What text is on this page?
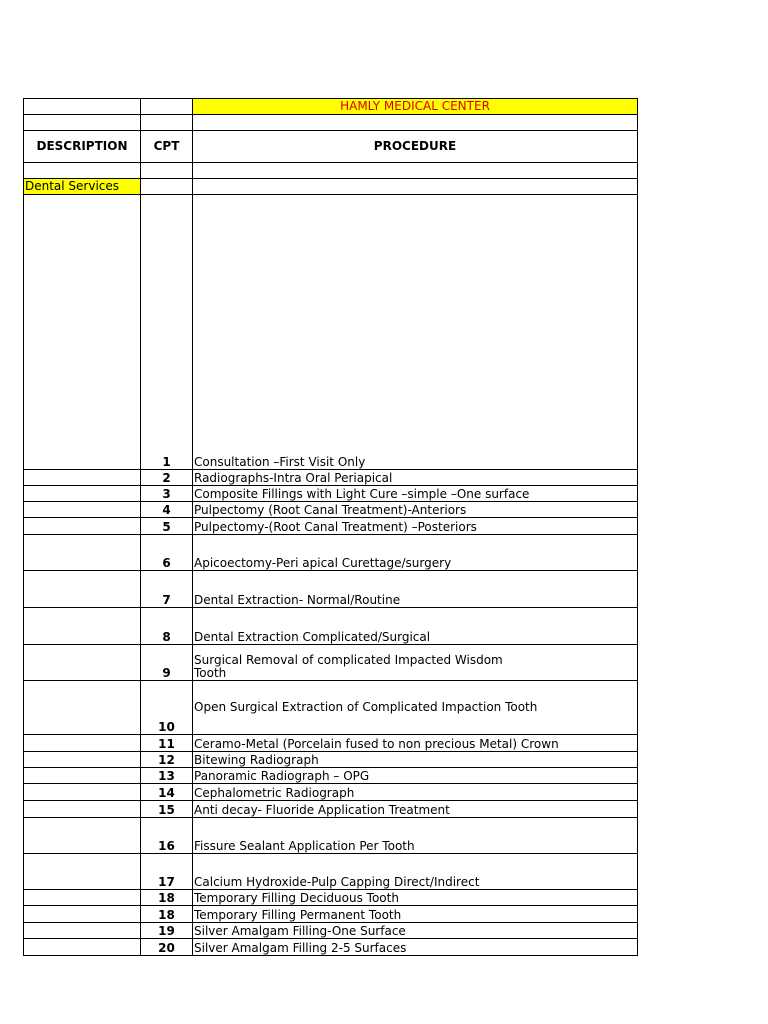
		HAMLY MEDICAL CENTER

DESCRIPTION	CPT	PROCEDURE

Dental Services		
	1	Consultation –First Visit Only
	2	Radiographs-Intra Oral Periapical
	3	Composite Fillings with Light Cure –simple –One surface
	4	Pulpectomy (Root Canal Treatment)-Anteriors
	5	Pulpectomy-(Root Canal Treatment) –Posteriors
	6	Apicoectomy-Peri apical Curettage/surgery
	7	Dental Extraction- Normal/Routine
	8	Dental Extraction Complicated/Surgical
	9	Surgical Removal of complicated Impacted Wisdom Tooth

	10	Open Surgical Extraction of Complicated Impaction Tooth
	11	Ceramo-Metal (Porcelain fused to non precious Metal) Crown
	12	Bitewing Radiograph
	13	Panoramic Radiograph – OPG
	14	Cephalometric Radiograph
	15	Anti decay- Fluoride Application Treatment
	16	Fissure Sealant Application Per Tooth
	17	Calcium Hydroxide-Pulp Capping Direct/Indirect
	18	Temporary Filling Deciduous Tooth
	18	Temporary Filling Permanent Tooth
	19	Silver Amalgam Filling-One Surface
	20	Silver Amalgam Filling 2-5 Surfaces
